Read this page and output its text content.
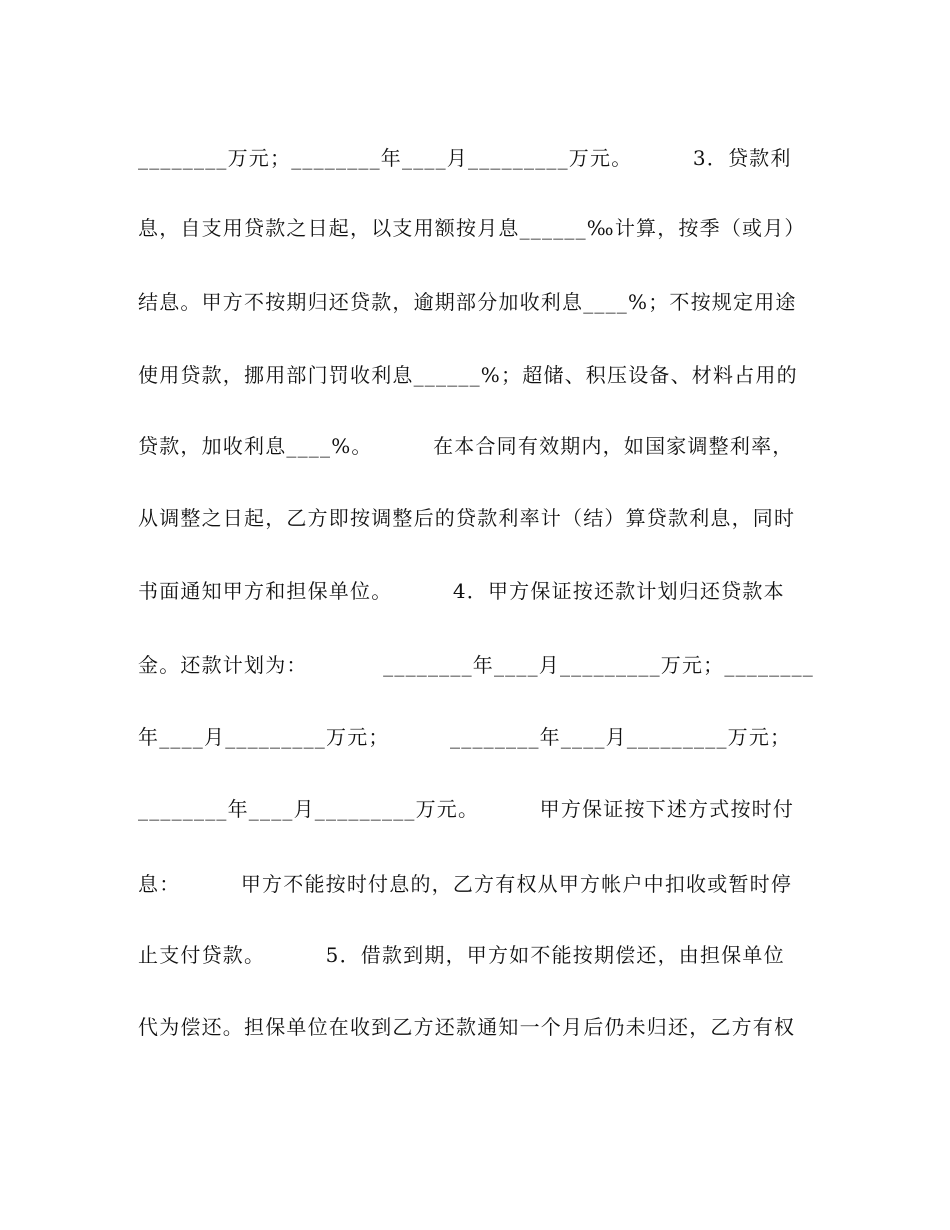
________万元；________年____月_________万元。        3．贷款利
息，自支用贷款之日起，以支用额按月息______‰计算，按季（或月）
结息。甲方不按期归还贷款，逾期部分加收利息____%；不按规定用途
使用贷款，挪用部门罚收利息______%；超储、积压设备、材料占用的
贷款，加收利息____%。        在本合同有效期内，如国家调整利率，
从调整之日起，乙方即按调整后的贷款利率计（结）算贷款利息，同时
书面通知甲方和担保单位。        4．甲方保证按还款计划归还贷款本
金。还款计划为：          ________年____月_________万元；________
年____月_________万元；        ________年____月_________万元；
________年____月_________万元。        甲方保证按下述方式按时付
息：        甲方不能按时付息的，乙方有权从甲方帐户中扣收或暂时停
止支付贷款。        5．借款到期，甲方如不能按期偿还，由担保单位
代为偿还。担保单位在收到乙方还款通知一个月后仍未归还，乙方有权
